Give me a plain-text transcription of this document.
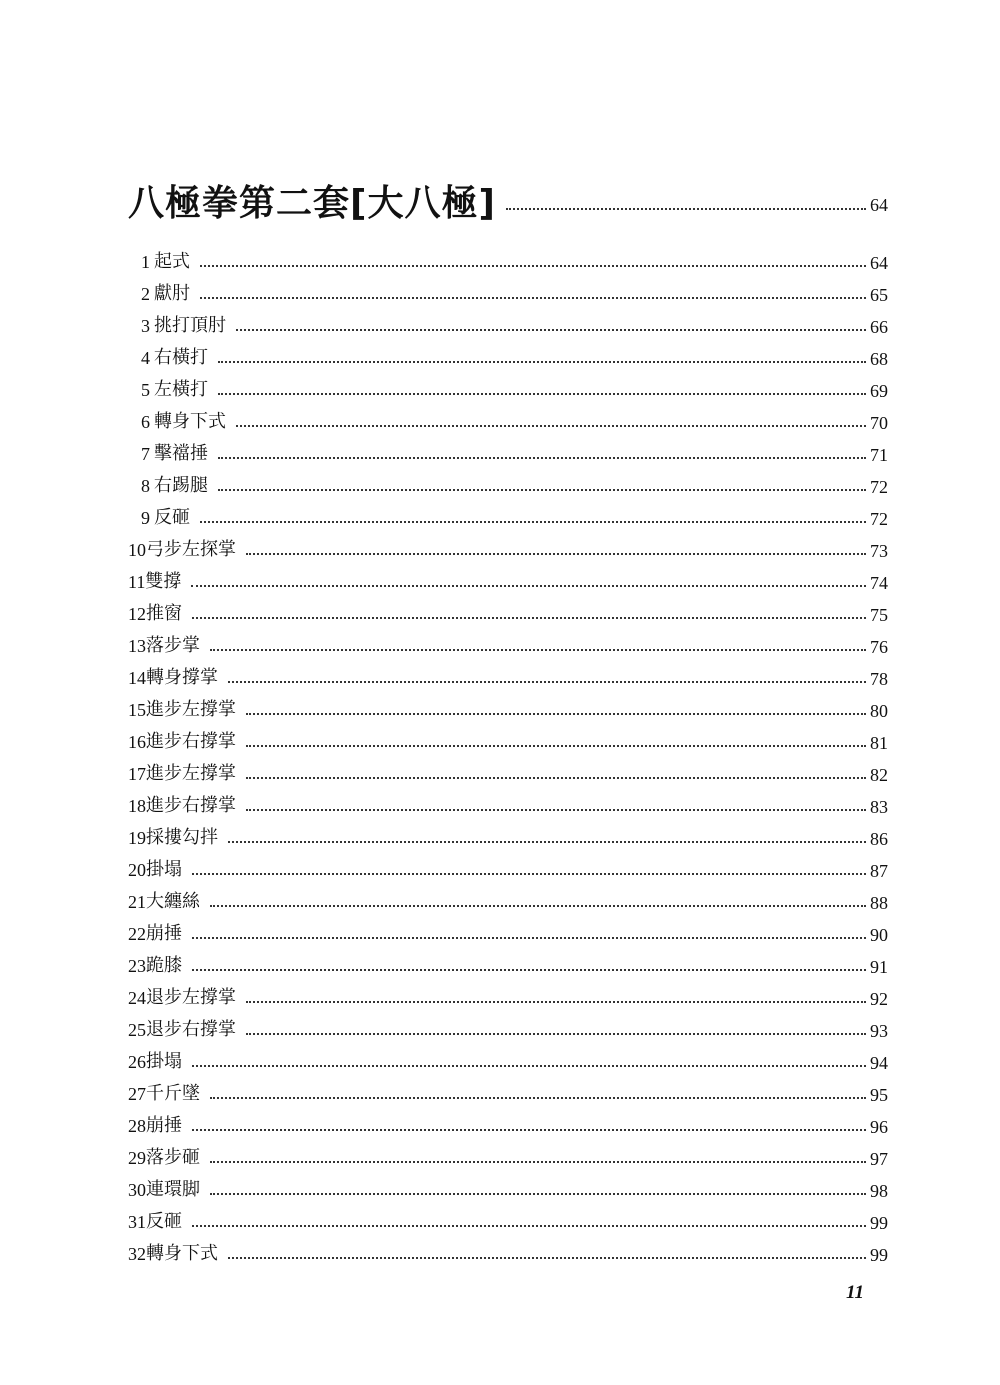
八極拳第二套[大八極]	64
1 起式	64
2 獻肘	65
3 挑打頂肘	66
4 右橫打	68
5 左橫打	69
6 轉身下式	70
7 擊襠捶	71
8 右踢腿	72
9 反砸	72
10 弓步左探掌	73
11 雙撐	74
12 推窗	75
13 落步掌	76
14 轉身撐掌	78
15 進步左撐掌	80
16 進步右撐掌	81
17 進步左撐掌	82
18 進步右撐掌	83
19 採摟勾拌	86
20 掛塌	87
21 大纏絲	88
22 崩捶	90
23 跪膝	91
24 退步左撐掌	92
25 退步右撐掌	93
26 掛塌	94
27 千斤墜	95
28 崩捶	96
29 落步砸	97
30 連環脚	98
31 反砸	99
32 轉身下式	99
11
